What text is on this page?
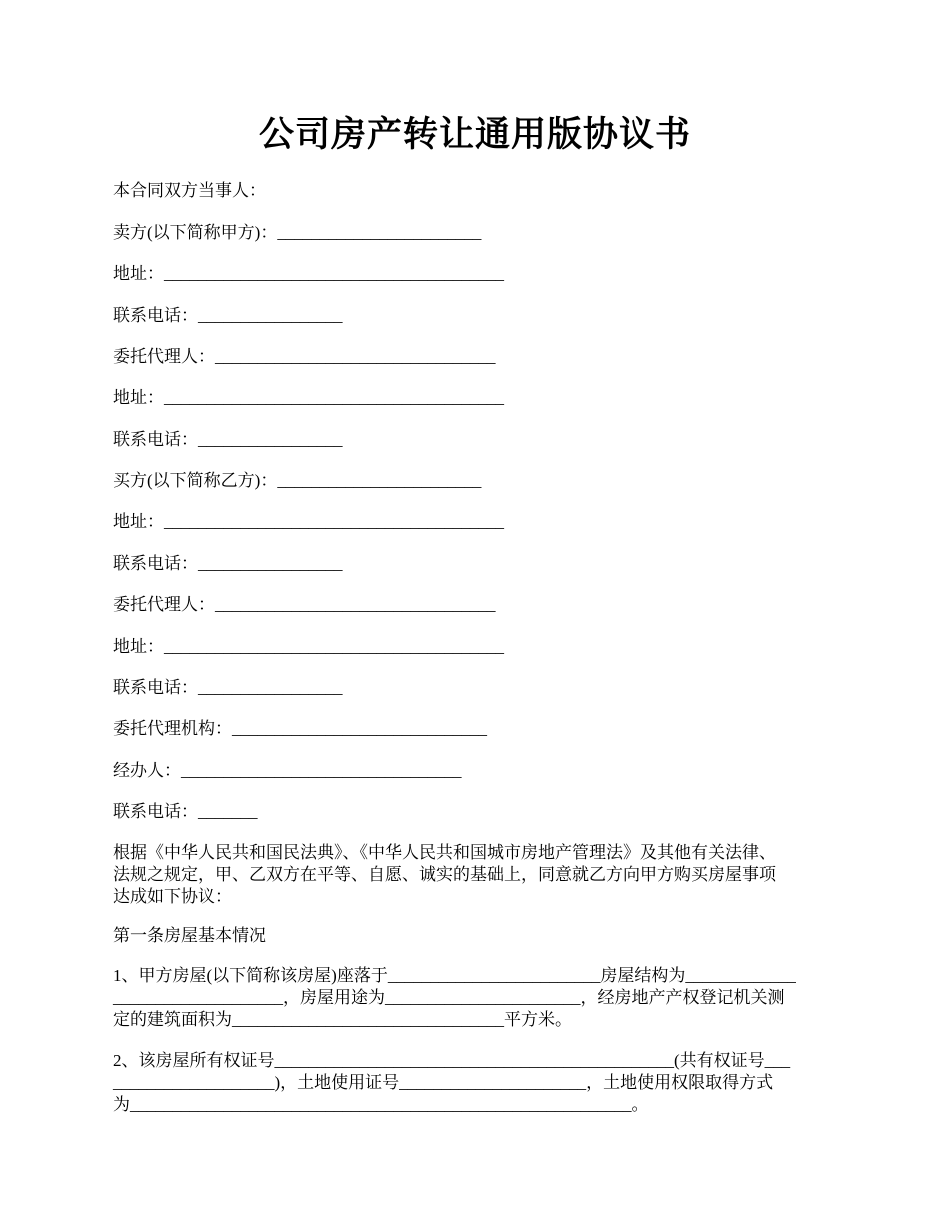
公司房产转让通用版协议书

本合同双方当事人：

卖方(以下简称甲方)：________________________

地址：________________________________________

联系电话：_________________

委托代理人：_________________________________

地址：________________________________________

联系电话：_________________

买方(以下简称乙方)：________________________

地址：________________________________________

联系电话：_________________

委托代理人：_________________________________

地址：________________________________________

联系电话：_________________

委托代理机构：______________________________

经办人：_________________________________

联系电话：_______

根据《中华人民共和国民法典》、《中华人民共和国城市房地产管理法》及其他有关法律、
法规之规定，甲、乙双方在平等、自愿、诚实的基础上，同意就乙方向甲方购买房屋事项
达成如下协议：

第一条房屋基本情况

1、甲方房屋(以下简称该房屋)座落于_________________________房屋结构为_____________
____________________，房屋用途为_______________________，经房地产产权登记机关测
定的建筑面积为________________________________平方米。
2、该房屋所有权证号_______________________________________________(共有权证号___
___________________)，土地使用证号______________________，土地使用权限取得方式
为___________________________________________________________。
